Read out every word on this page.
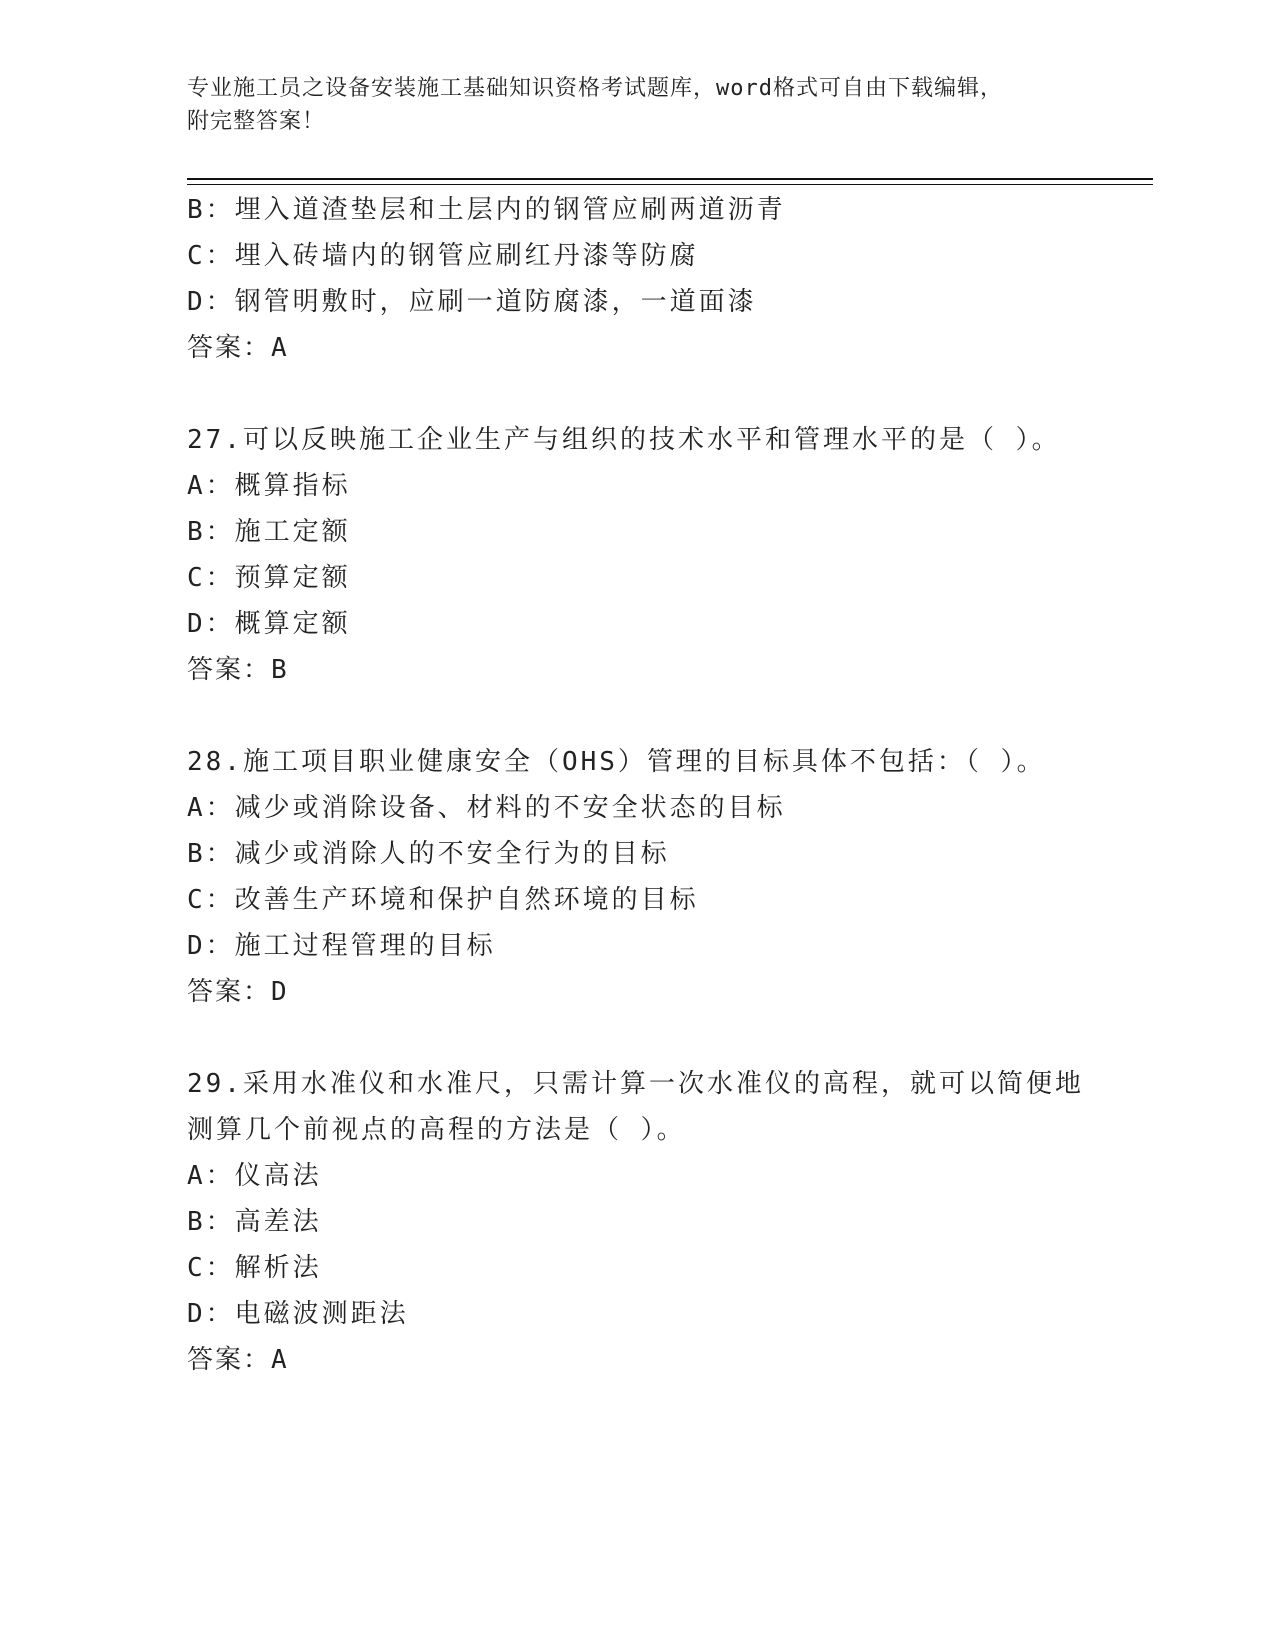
专业施工员之设备安装施工基础知识资格考试题库，word格式可自由下载编辑，
附完整答案！
B：埋入道渣垫层和土层内的钢管应刷两道沥青
C：埋入砖墙内的钢管应刷红丹漆等防腐
D：钢管明敷时，应刷一道防腐漆，一道面漆
答案：A
27.可以反映施工企业生产与组织的技术水平和管理水平的是（ ）。
A：概算指标
B：施工定额
C：预算定额
D：概算定额
答案：B
28.施工项目职业健康安全（OHS）管理的目标具体不包括：（ ）。
A：减少或消除设备、材料的不安全状态的目标
B：减少或消除人的不安全行为的目标
C：改善生产环境和保护自然环境的目标
D：施工过程管理的目标
答案：D
29.采用水准仪和水准尺，只需计算一次水准仪的高程，就可以简便地
测算几个前视点的高程的方法是（ ）。
A：仪高法
B：高差法
C：解析法
D：电磁波测距法
答案：A
